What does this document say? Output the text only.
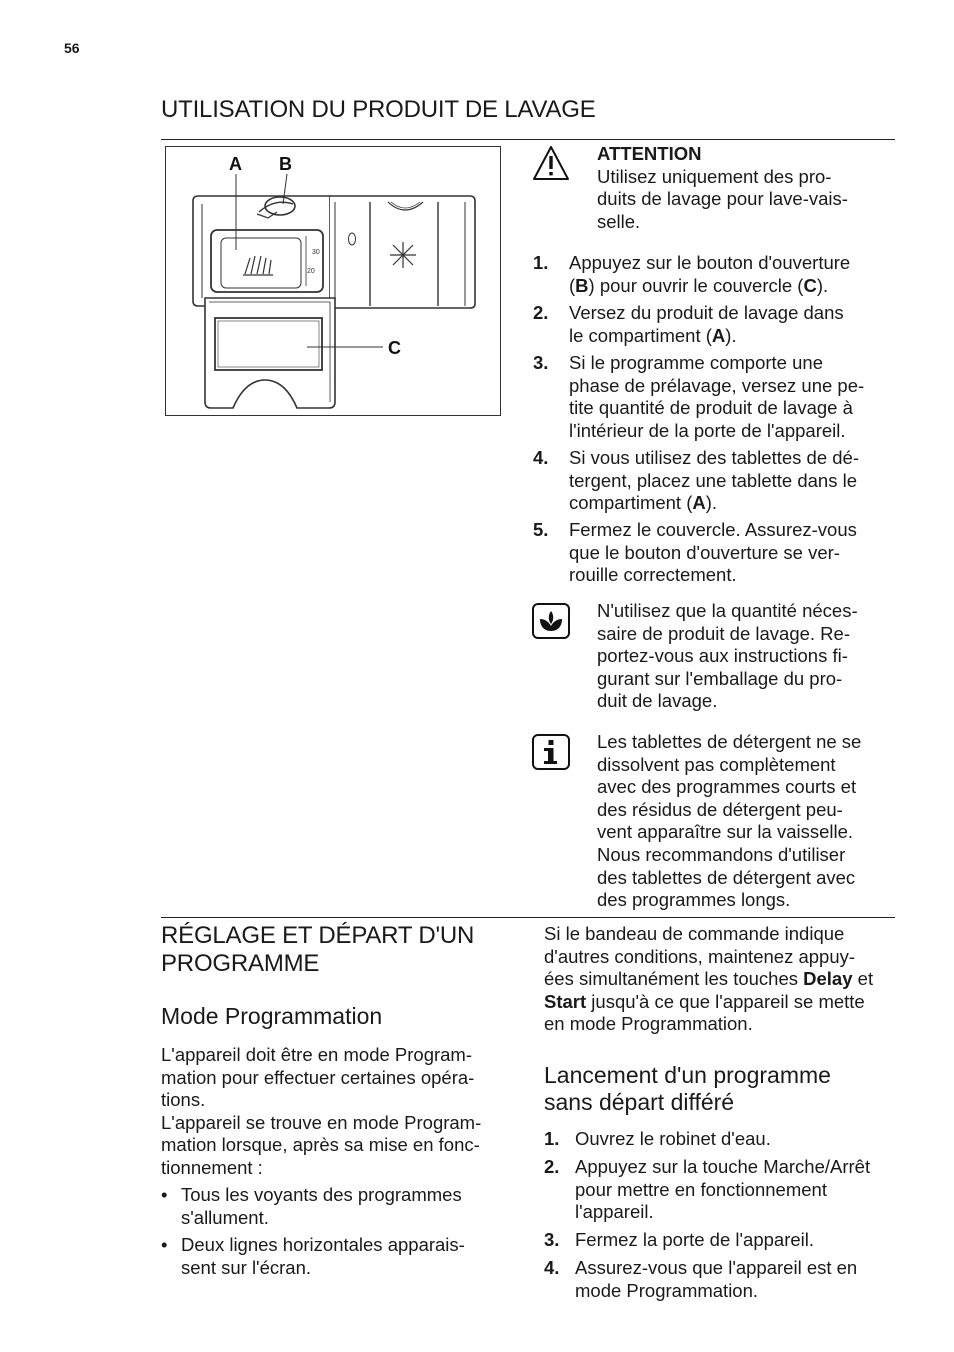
56
UTILISATION DU PRODUIT DE LAVAGE
30
20
A B
C
ATTENTION
Utilisez uniquement des pro-
duits de lavage pour lave-vais-
selle.
1. Appuyez sur le bouton d'ouverture
(B) pour ouvrir le couvercle (C).
2. Versez du produit de lavage dans
le compartiment (A).
3. Si le programme comporte une
phase de prélavage, versez une pe-
tite quantité de produit de lavage à
l'intérieur de la porte de l'appareil.
4. Si vous utilisez des tablettes de dé-
tergent, placez une tablette dans le
compartiment (A).
5. Fermez le couvercle. Assurez-vous
que le bouton d'ouverture se ver-
rouille correctement.
N'utilisez que la quantité néces-
saire de produit de lavage. Re-
portez-vous aux instructions fi-
gurant sur l'emballage du pro-
duit de lavage.
Les tablettes de détergent ne se
dissolvent pas complètement
avec des programmes courts et
des résidus de détergent peu-
vent apparaître sur la vaisselle.
Nous recommandons d'utiliser
des tablettes de détergent avec
des programmes longs.
RÉGLAGE ET DÉPART D'UN
PROGRAMME
Mode Programmation
L'appareil doit être en mode Program-
mation pour effectuer certaines opéra-
tions.
L'appareil se trouve en mode Program-
mation lorsque, après sa mise en fonc-
tionnement :
• Tous les voyants des programmes
s'allument.
• Deux lignes horizontales apparais-
sent sur l'écran.
Si le bandeau de commande indique
d'autres conditions, maintenez appuy-
ées simultanément les touches Delay et
Start jusqu'à ce que l'appareil se mette
en mode Programmation.
Lancement d'un programme
sans départ différé
1. Ouvrez le robinet d'eau.
2. Appuyez sur la touche Marche/Arrêt
pour mettre en fonctionnement
l'appareil.
3. Fermez la porte de l'appareil.
4. Assurez-vous que l'appareil est en
mode Programmation.
